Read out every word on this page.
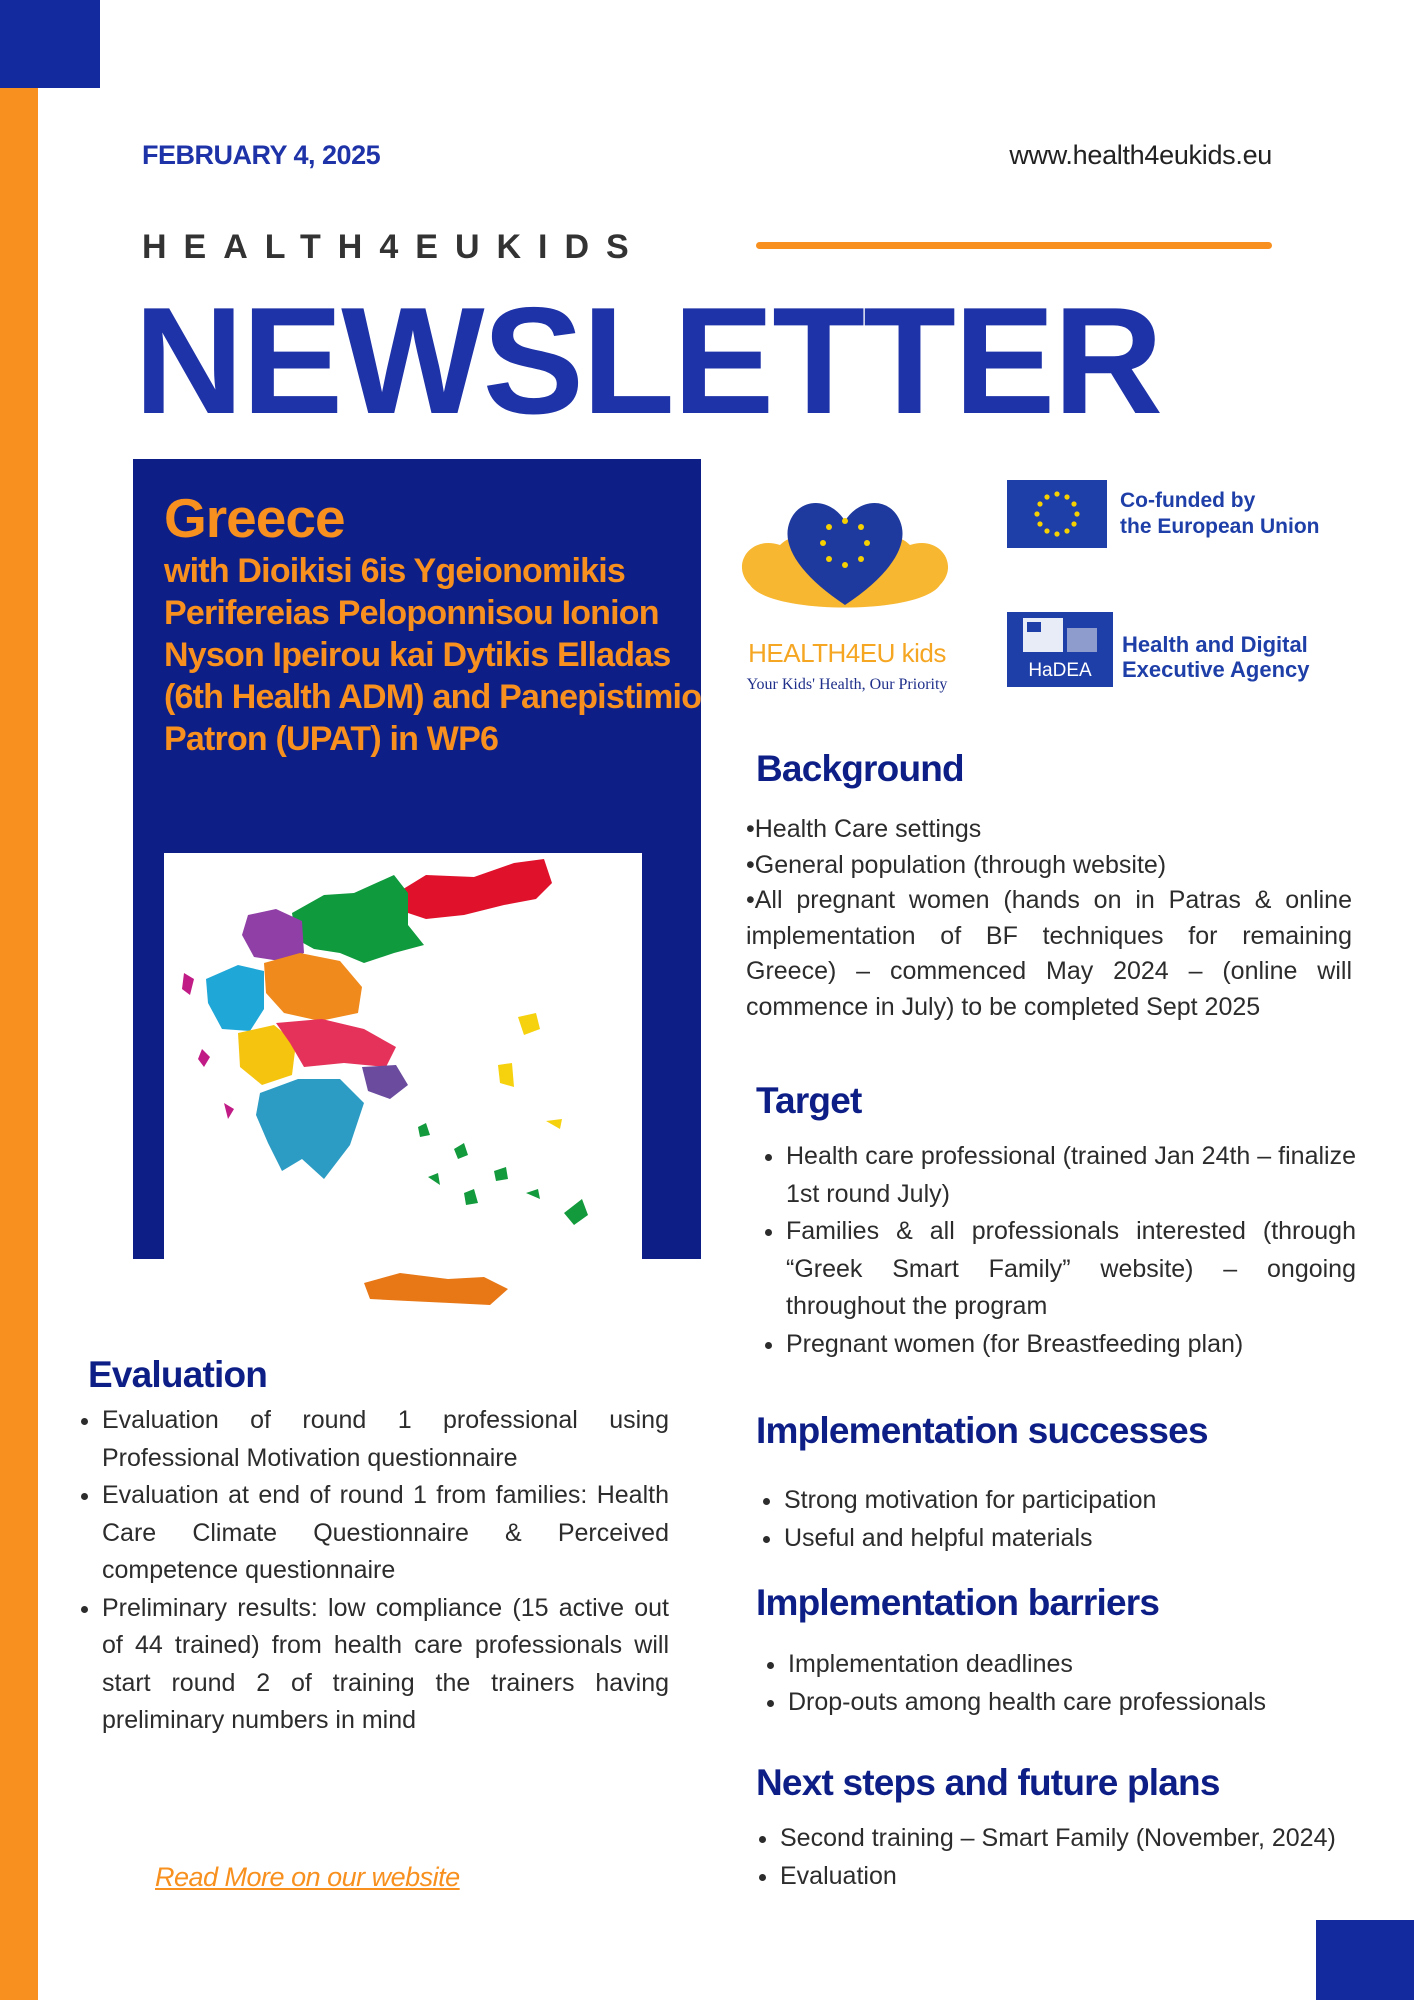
FEBRUARY 4, 2025	www.health4eukids.eu
HEALTH4EUKIDS
NEWSLETTER
Greece
with Dioikisi 6is Ygeionomikis Perifereias Peloponnisou Ionion Nyson Ipeirou kai Dytikis Elladas (6th Health ADM) and Panepistimio Patron (UPAT) in WP6
HEALTH4EU kids
Your Kids' Health, Our Priority
Co-funded by
the European Union
HaDEA
Health and Digital
Executive Agency
Background
•Health Care settings
•General population (through website)
•All pregnant women (hands on in Patras & online implementation of BF techniques for remaining Greece) – commenced May 2024 – (online will commence in July) to be completed Sept 2025
Target
• Health care professional (trained Jan 24th – finalize 1st round July)
• Families & all professionals interested (through “Greek Smart Family” website) – ongoing throughout the program
• Pregnant women (for Breastfeeding plan)
Evaluation
• Evaluation of round 1 professional using Professional Motivation questionnaire
• Evaluation at end of round 1 from families: Health Care Climate Questionnaire & Perceived competence questionnaire
• Preliminary results: low compliance (15 active out of 44 trained) from health care professionals will start round 2 of training the trainers having preliminary numbers in mind
Implementation successes
• Strong motivation for participation
• Useful and helpful materials
Implementation barriers
• Implementation deadlines
• Drop-outs among health care professionals
Next steps and future plans
• Second training – Smart Family (November, 2024)
• Evaluation
Read More on our website
